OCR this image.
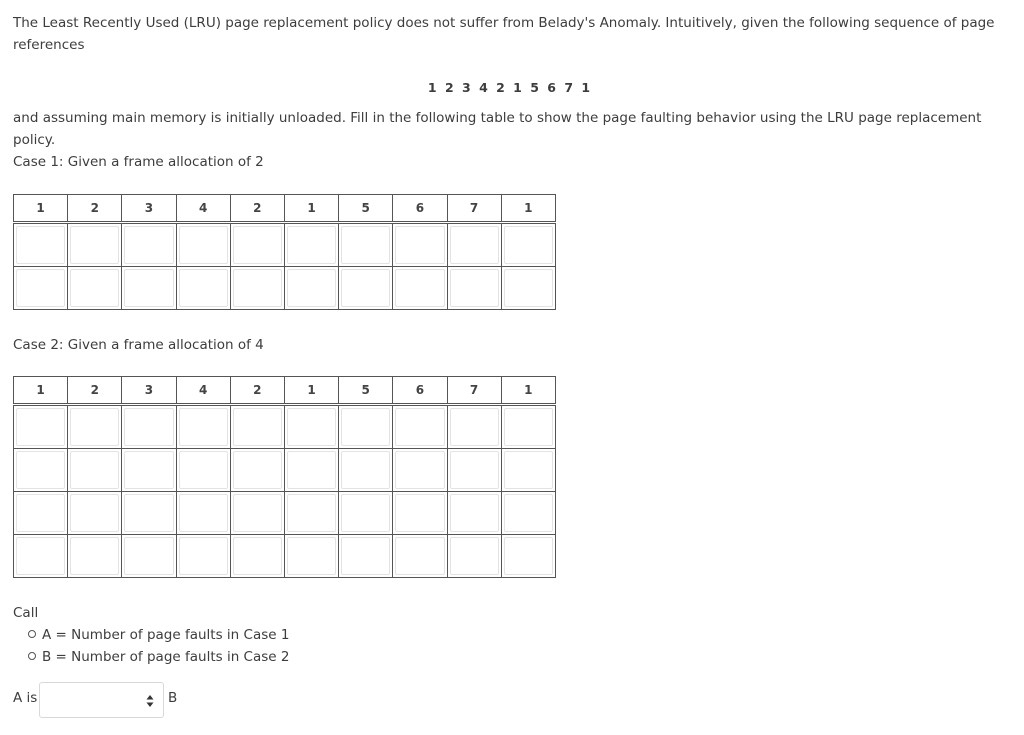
The Least Recently Used (LRU) page replacement policy does not suffer from Belady's Anomaly. Intuitively, given the following sequence of page references

1 2 3 4 2 1 5 6 7 1

and assuming main memory is initially unloaded. Fill in the following table to show the page faulting behavior using the LRU page replacement policy.

Case 1: Given a frame allocation of 2

1	2	3	4	2	1	5	6	7	1

Case 2: Given a frame allocation of 4

1	2	3	4	2	1	5	6	7	1

Call

A = Number of page faults in Case 1
B = Number of page faults in Case 2
A is	B
